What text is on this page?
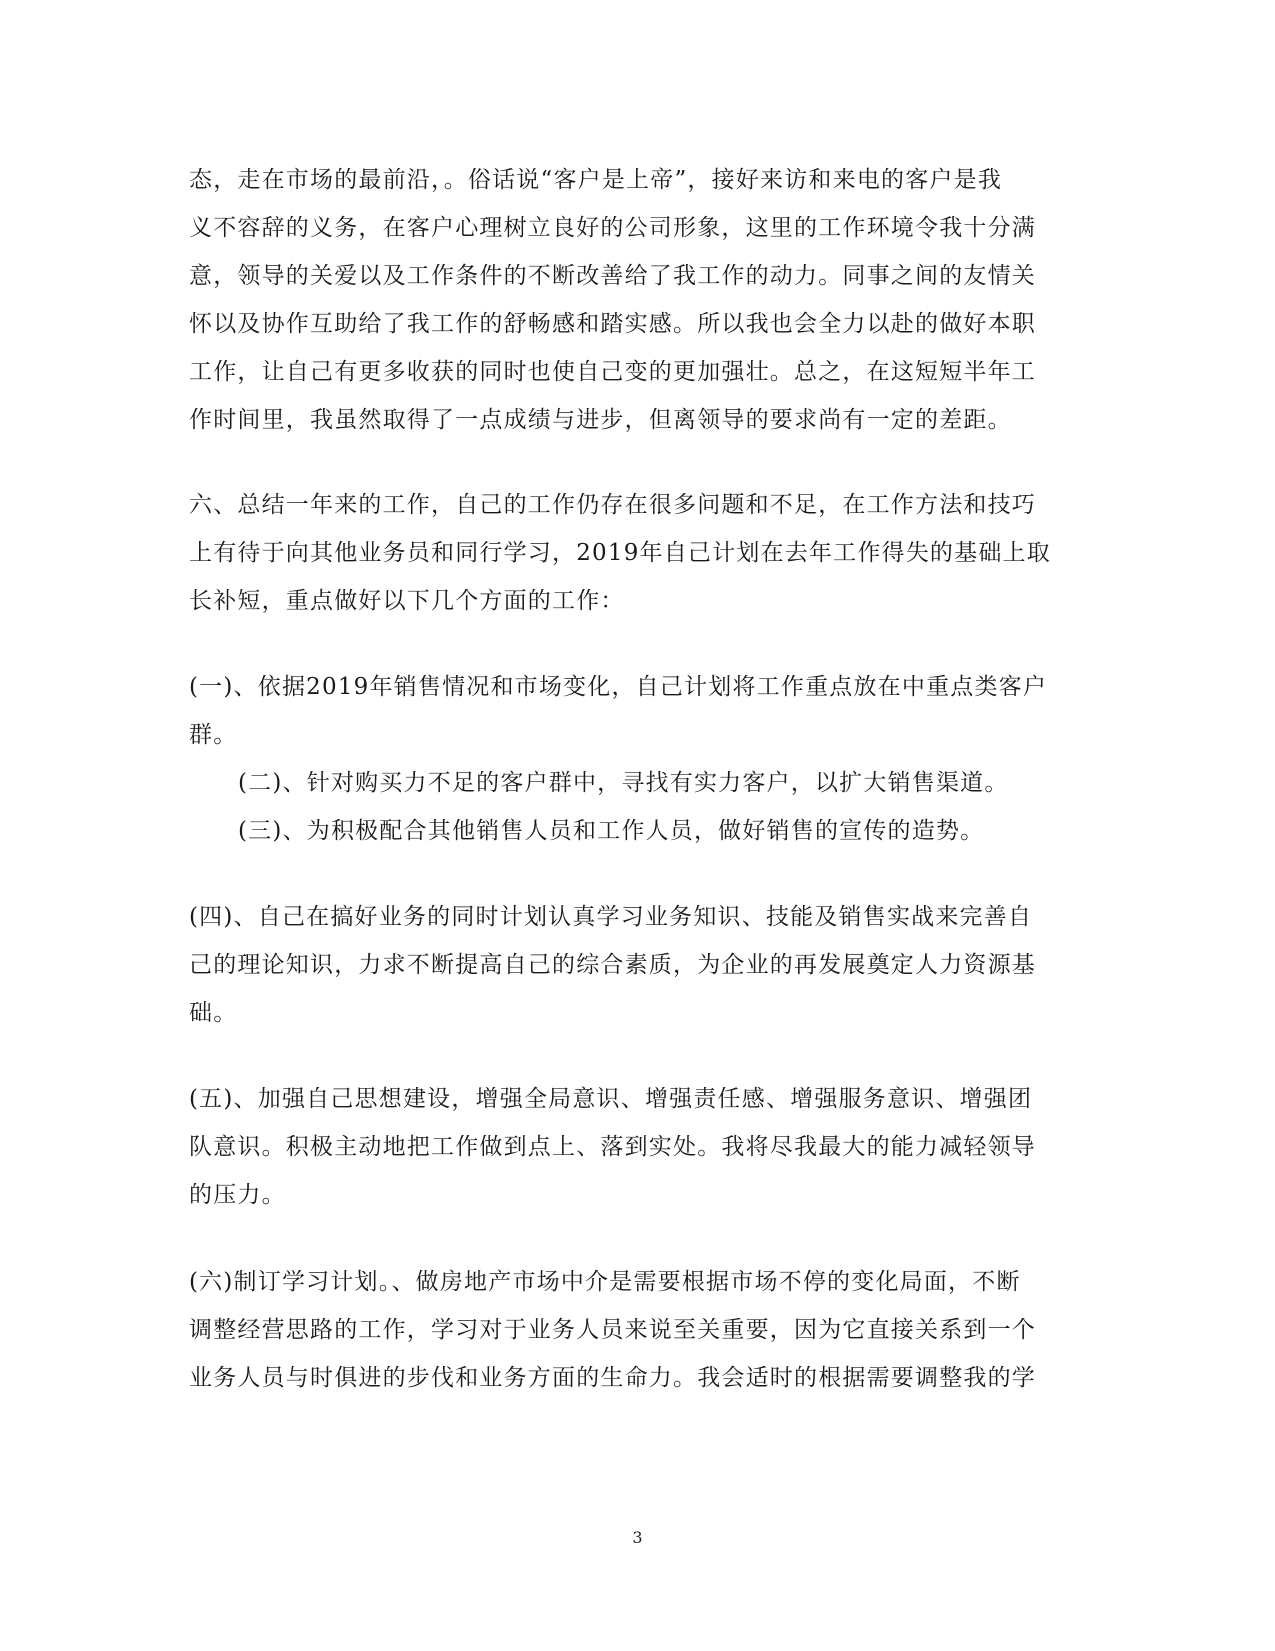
态，走在市场的最前沿，。俗话说“客户是上帝”，接好来访和来电的客户是我
义不容辞的义务，在客户心理树立良好的公司形象，这里的工作环境令我十分满
意，领导的关爱以及工作条件的不断改善给了我工作的动力。同事之间的友情关
怀以及协作互助给了我工作的舒畅感和踏实感。所以我也会全力以赴的做好本职
工作，让自己有更多收获的同时也使自己变的更加强壮。总之，在这短短半年工
作时间里，我虽然取得了一点成绩与进步，但离领导的要求尚有一定的差距。
六、总结一年来的工作，自己的工作仍存在很多问题和不足，在工作方法和技巧
上有待于向其他业务员和同行学习，2019年自己计划在去年工作得失的基础上取
长补短，重点做好以下几个方面的工作：
(一)、依据2019年销售情况和市场变化，自己计划将工作重点放在中重点类客户
群。
(二)、针对购买力不足的客户群中，寻找有实力客户，以扩大销售渠道。
(三)、为积极配合其他销售人员和工作人员，做好销售的宣传的造势。
(四)、自己在搞好业务的同时计划认真学习业务知识、技能及销售实战来完善自
己的理论知识，力求不断提高自己的综合素质，为企业的再发展奠定人力资源基
础。
(五)、加强自己思想建设，增强全局意识、增强责任感、增强服务意识、增强团
队意识。积极主动地把工作做到点上、落到实处。我将尽我最大的能力减轻领导
的压力。
(六)制订学习计划。、做房地产市场中介是需要根据市场不停的变化局面，不断
调整经营思路的工作，学习对于业务人员来说至关重要，因为它直接关系到一个
业务人员与时俱进的步伐和业务方面的生命力。我会适时的根据需要调整我的学
3
